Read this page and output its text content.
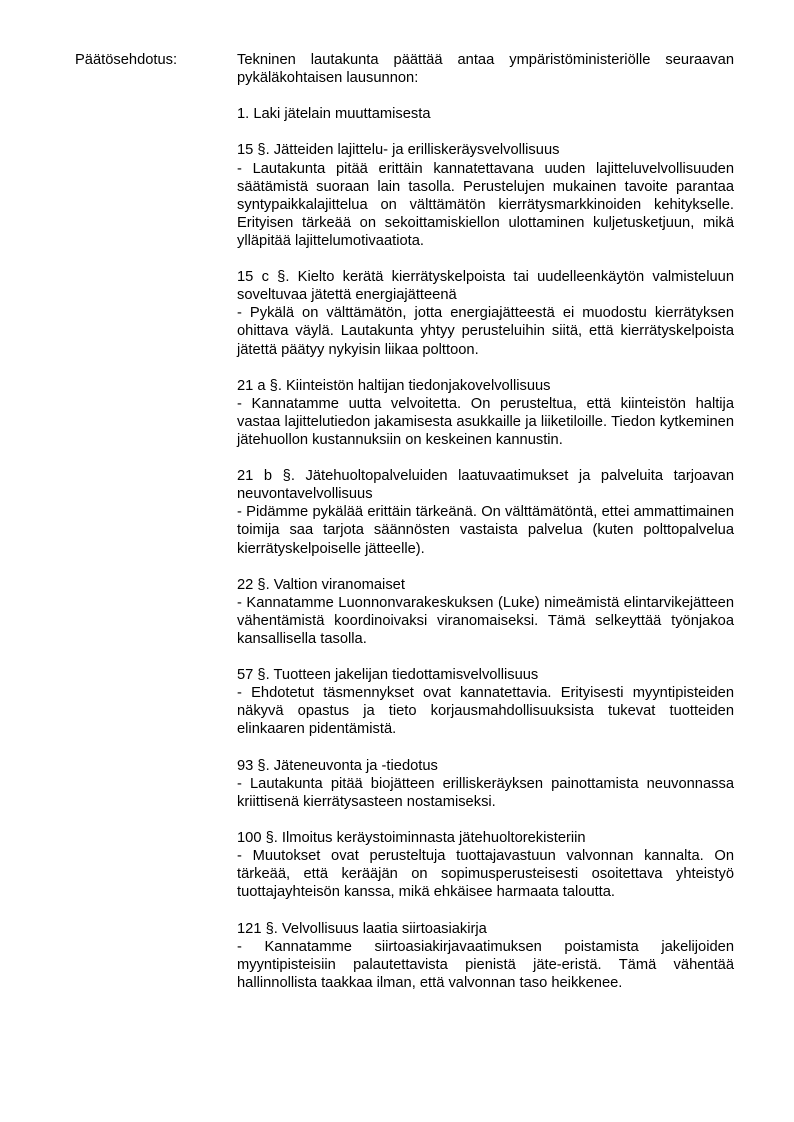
Päätösehdotus:	Tekninen lautakunta päättää antaa ympäristöministeriölle seuraavan pykäläkohtaisen lausunnon:
1. Laki jätelain muuttamisesta
15 §. Jätteiden lajittelu- ja erilliskeräysvelvollisuus
- Lautakunta pitää erittäin kannatettavana uuden lajitteluvelvollisuuden säätämistä suoraan lain tasolla. Perustelujen mukainen tavoite parantaa syntypaikkalajittelua on välttämätön kierrätysmarkkinoiden kehitykselle. Erityisen tärkeää on sekoittamiskiellon ulottaminen kuljetusketjuun, mikä ylläpitää lajittelumotivaatiota.
15 c §. Kielto kerätä kierrätyskelpoista tai uudelleenkäytön valmisteluun soveltuvaa jätettä energiajätteenä
- Pykälä on välttämätön, jotta energiajätteestä ei muodostu kierrätyksen ohittava väylä. Lautakunta yhtyy perusteluihin siitä, että kierrätyskelpoista jätettä päätyy nykyisin liikaa polttoon.
21 a §. Kiinteistön haltijan tiedonjakovelvollisuus
- Kannatamme uutta velvoitetta. On perusteltua, että kiinteistön haltija vastaa lajittelutiedon jakamisesta asukkaille ja liiketiloille. Tiedon kytkeminen jätehuollon kustannuksiin on keskeinen kannustin.
21 b §. Jätehuoltopalveluiden laatuvaatimukset ja palveluita tarjoavan neuvontavelvollisuus
- Pidämme pykälää erittäin tärkeänä. On välttämätöntä, ettei ammattimainen toimija saa tarjota säännösten vastaista palvelua (kuten polttopalvelua kierrätyskelpoiselle jätteelle).
22 §. Valtion viranomaiset
- Kannatamme Luonnonvarakeskuksen (Luke) nimeämistä elintarvikejätteen vähentämistä koordinoivaksi viranomaiseksi. Tämä selkeyttää työnjakoa kansallisella tasolla.
57 §. Tuotteen jakelijan tiedottamisvelvollisuus
- Ehdotetut täsmennykset ovat kannatettavia. Erityisesti myyntipisteiden näkyvä opastus ja tieto korjausmahdollisuuksista tukevat tuotteiden elinkaaren pidentämistä.
93 §. Jäteneuvonta ja -tiedotus
- Lautakunta pitää biojätteen erilliskeräyksen painottamista neuvonnassa kriittisenä kierrätysasteen nostamiseksi.
100 §. Ilmoitus keräystoiminnasta jätehuoltorekisteriin
- Muutokset ovat perusteltuja tuottajavastuun valvonnan kannalta. On tärkeää, että kerääjän on sopimusperusteisesti osoitettava yhteistyö tuottajayhteisön kanssa, mikä ehkäisee harmaata taloutta.
121 §. Velvollisuus laatia siirtoasiakirja
- Kannatamme siirtoasiakirjavaatimuksen poistamista jakelijoiden myyntipisteisiin palautettavista pienistä jäte-eristä. Tämä vähentää hallinnollista taakkaa ilman, että valvonnan taso heikkenee.
